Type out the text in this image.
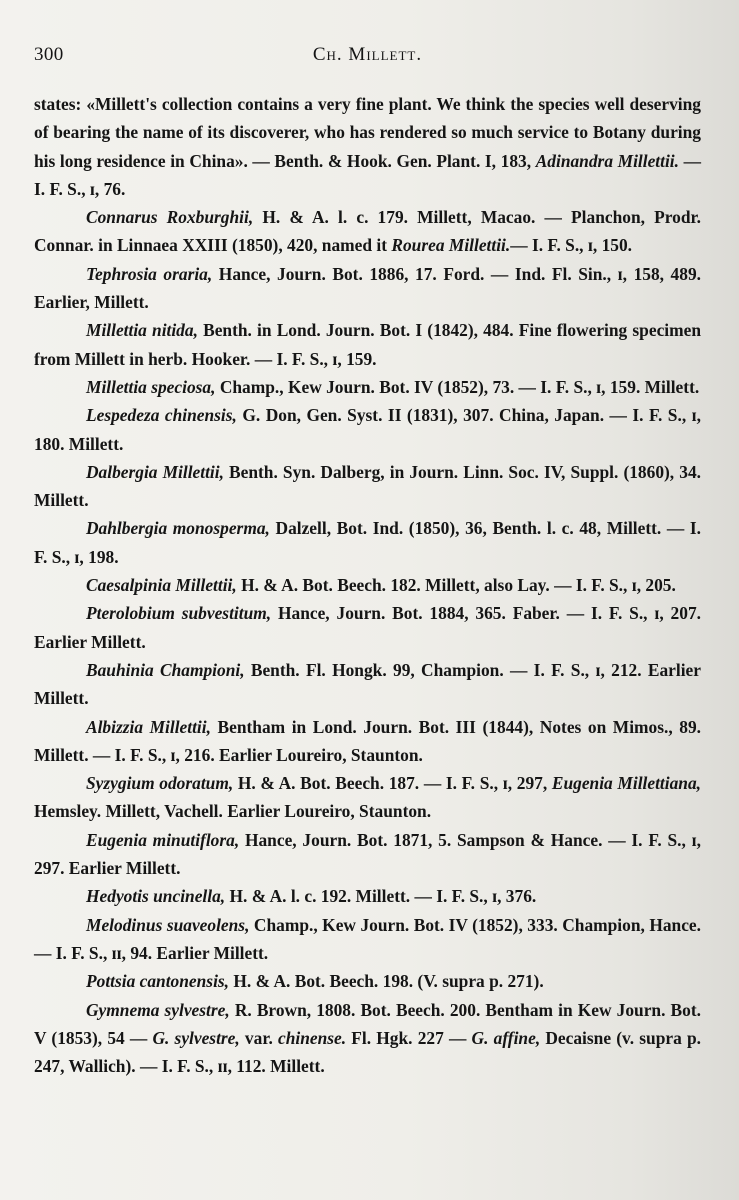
300	Ch. Millett.

states: «Millett's collection contains a very fine plant. We think the species well deserving of bearing the name of its discoverer, who has rendered so much service to Botany during his long residence in China». — Benth. & Hook. Gen. Plant. I, 183, Adinandra Millettii. — I. F. S., ɪ, 76.

Connarus Roxburghii, H. & A. l. c. 179. Millett, Macao. — Planchon, Prodr. Connar. in Linnaea XXIII (1850), 420, named it Rourea Millettii.— I. F. S., ɪ, 150.

Tephrosia oraria, Hance, Journ. Bot. 1886, 17. Ford. — Ind. Fl. Sin., ɪ, 158, 489. Earlier, Millett.

Millettia nitida, Benth. in Lond. Journ. Bot. I (1842), 484. Fine flowering specimen from Millett in herb. Hooker. — I. F. S., ɪ, 159.

Millettia speciosa, Champ., Kew Journ. Bot. IV (1852), 73. — I. F. S., ɪ, 159. Millett.

Lespedeza chinensis, G. Don, Gen. Syst. II (1831), 307. China, Japan. — I. F. S., ɪ, 180. Millett.

Dalbergia Millettii, Benth. Syn. Dalberg, in Journ. Linn. Soc. IV, Suppl. (1860), 34. Millett.

Dahlbergia monosperma, Dalzell, Bot. Ind. (1850), 36, Benth. l. c. 48, Millett. — I. F. S., ɪ, 198.

Caesalpinia Millettii, H. & A. Bot. Beech. 182. Millett, also Lay. — I. F. S., ɪ, 205.

Pterolobium subvestitum, Hance, Journ. Bot. 1884, 365. Faber. — I. F. S., ɪ, 207. Earlier Millett.

Bauhinia Championi, Benth. Fl. Hongk. 99, Champion. — I. F. S., ɪ, 212. Earlier Millett.

Albizzia Millettii, Bentham in Lond. Journ. Bot. III (1844), Notes on Mimos., 89. Millett. — I. F. S., ɪ, 216. Earlier Loureiro, Staunton.

Syzygium odoratum, H. & A. Bot. Beech. 187. — I. F. S., ɪ, 297, Eugenia Millettiana, Hemsley. Millett, Vachell. Earlier Loureiro, Staunton.

Eugenia minutiflora, Hance, Journ. Bot. 1871, 5. Sampson & Hance. — I. F. S., ɪ, 297. Earlier Millett.

Hedyotis uncinella, H. & A. l. c. 192. Millett. — I. F. S., ɪ, 376.

Melodinus suaveolens, Champ., Kew Journ. Bot. IV (1852), 333. Champion, Hance. — I. F. S., ɪɪ, 94. Earlier Millett.

Pottsia cantonensis, H. & A. Bot. Beech. 198. (V. supra p. 271).

Gymnema sylvestre, R. Brown, 1808. Bot. Beech. 200. Bentham in Kew Journ. Bot. V (1853), 54 — G. sylvestre, var. chinense. Fl. Hgk. 227 — G. affine, Decaisne (v. supra p. 247, Wallich). — I. F. S., ɪɪ, 112. Millett.
